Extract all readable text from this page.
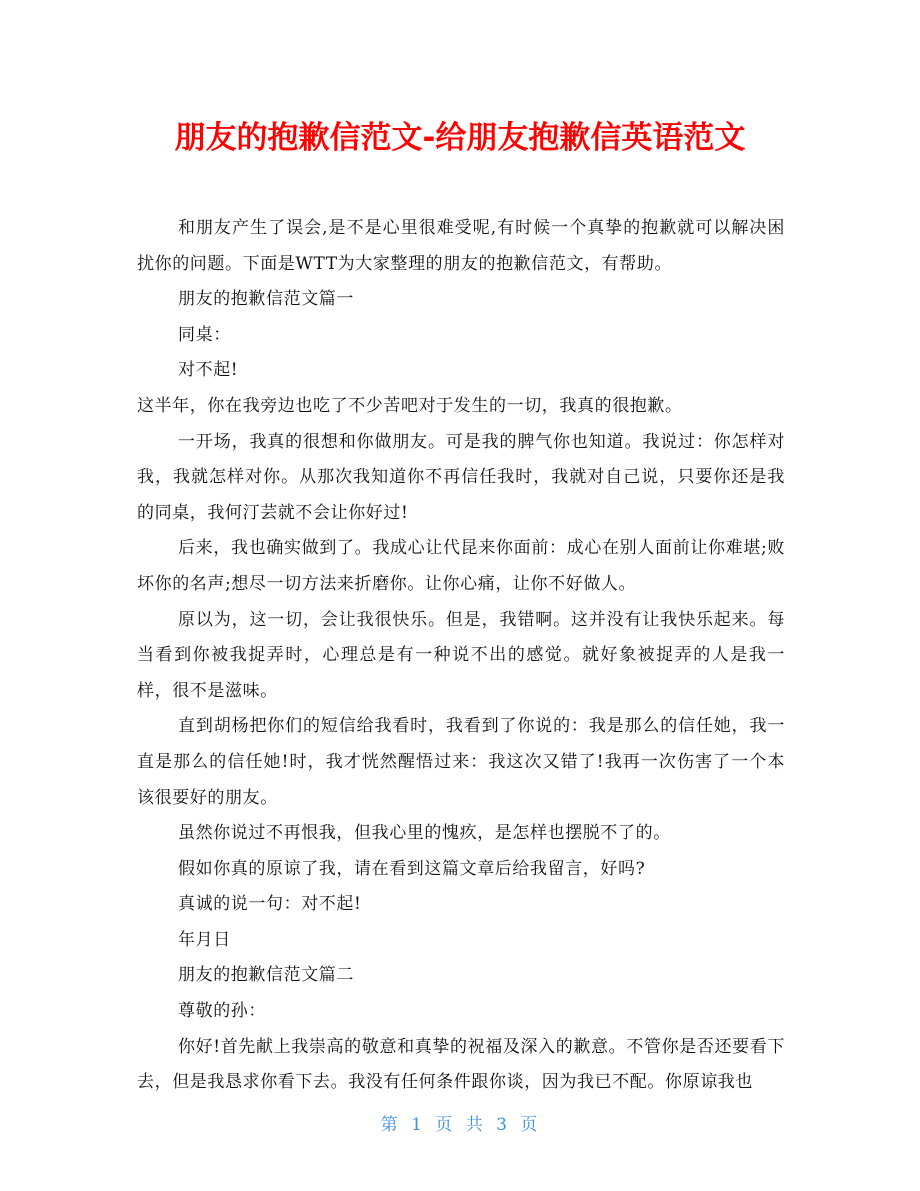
朋友的抱歉信范文-给朋友抱歉信英语范文

和朋友产生了误会,是不是心里很难受呢,有时候一个真挚的抱歉就可以解决困扰你的问题。下面是WTT为大家整理的朋友的抱歉信范文，有帮助。

朋友的抱歉信范文篇一

同桌：

对不起!

这半年，你在我旁边也吃了不少苦吧对于发生的一切，我真的很抱歉。

一开场，我真的很想和你做朋友。可是我的脾气你也知道。我说过：你怎样对我，我就怎样对你。从那次我知道你不再信任我时，我就对自己说，只要你还是我的同桌，我何汀芸就不会让你好过!

后来，我也确实做到了。我成心让代昆来你面前：成心在别人面前让你难堪;败坏你的名声;想尽一切方法来折磨你。让你心痛，让你不好做人。

原以为，这一切，会让我很快乐。但是，我错啊。这并没有让我快乐起来。每当看到你被我捉弄时，心理总是有一种说不出的感觉。就好象被捉弄的人是我一样，很不是滋味。

直到胡杨把你们的短信给我看时，我看到了你说的：我是那么的信任她，我一直是那么的信任她!时，我才恍然醒悟过来：我这次又错了!我再一次伤害了一个本该很要好的朋友。

虽然你说过不再恨我，但我心里的愧疚，是怎样也摆脱不了的。

假如你真的原谅了我，请在看到这篇文章后给我留言，好吗?

真诚的说一句：对不起!

年月日

朋友的抱歉信范文篇二

尊敬的孙：

你好!首先献上我崇高的敬意和真挚的祝福及深入的歉意。不管你是否还要看下去，但是我恳求你看下去。我没有任何条件跟你谈，因为我已不配。你原谅我也

第 1 页 共 3 页
